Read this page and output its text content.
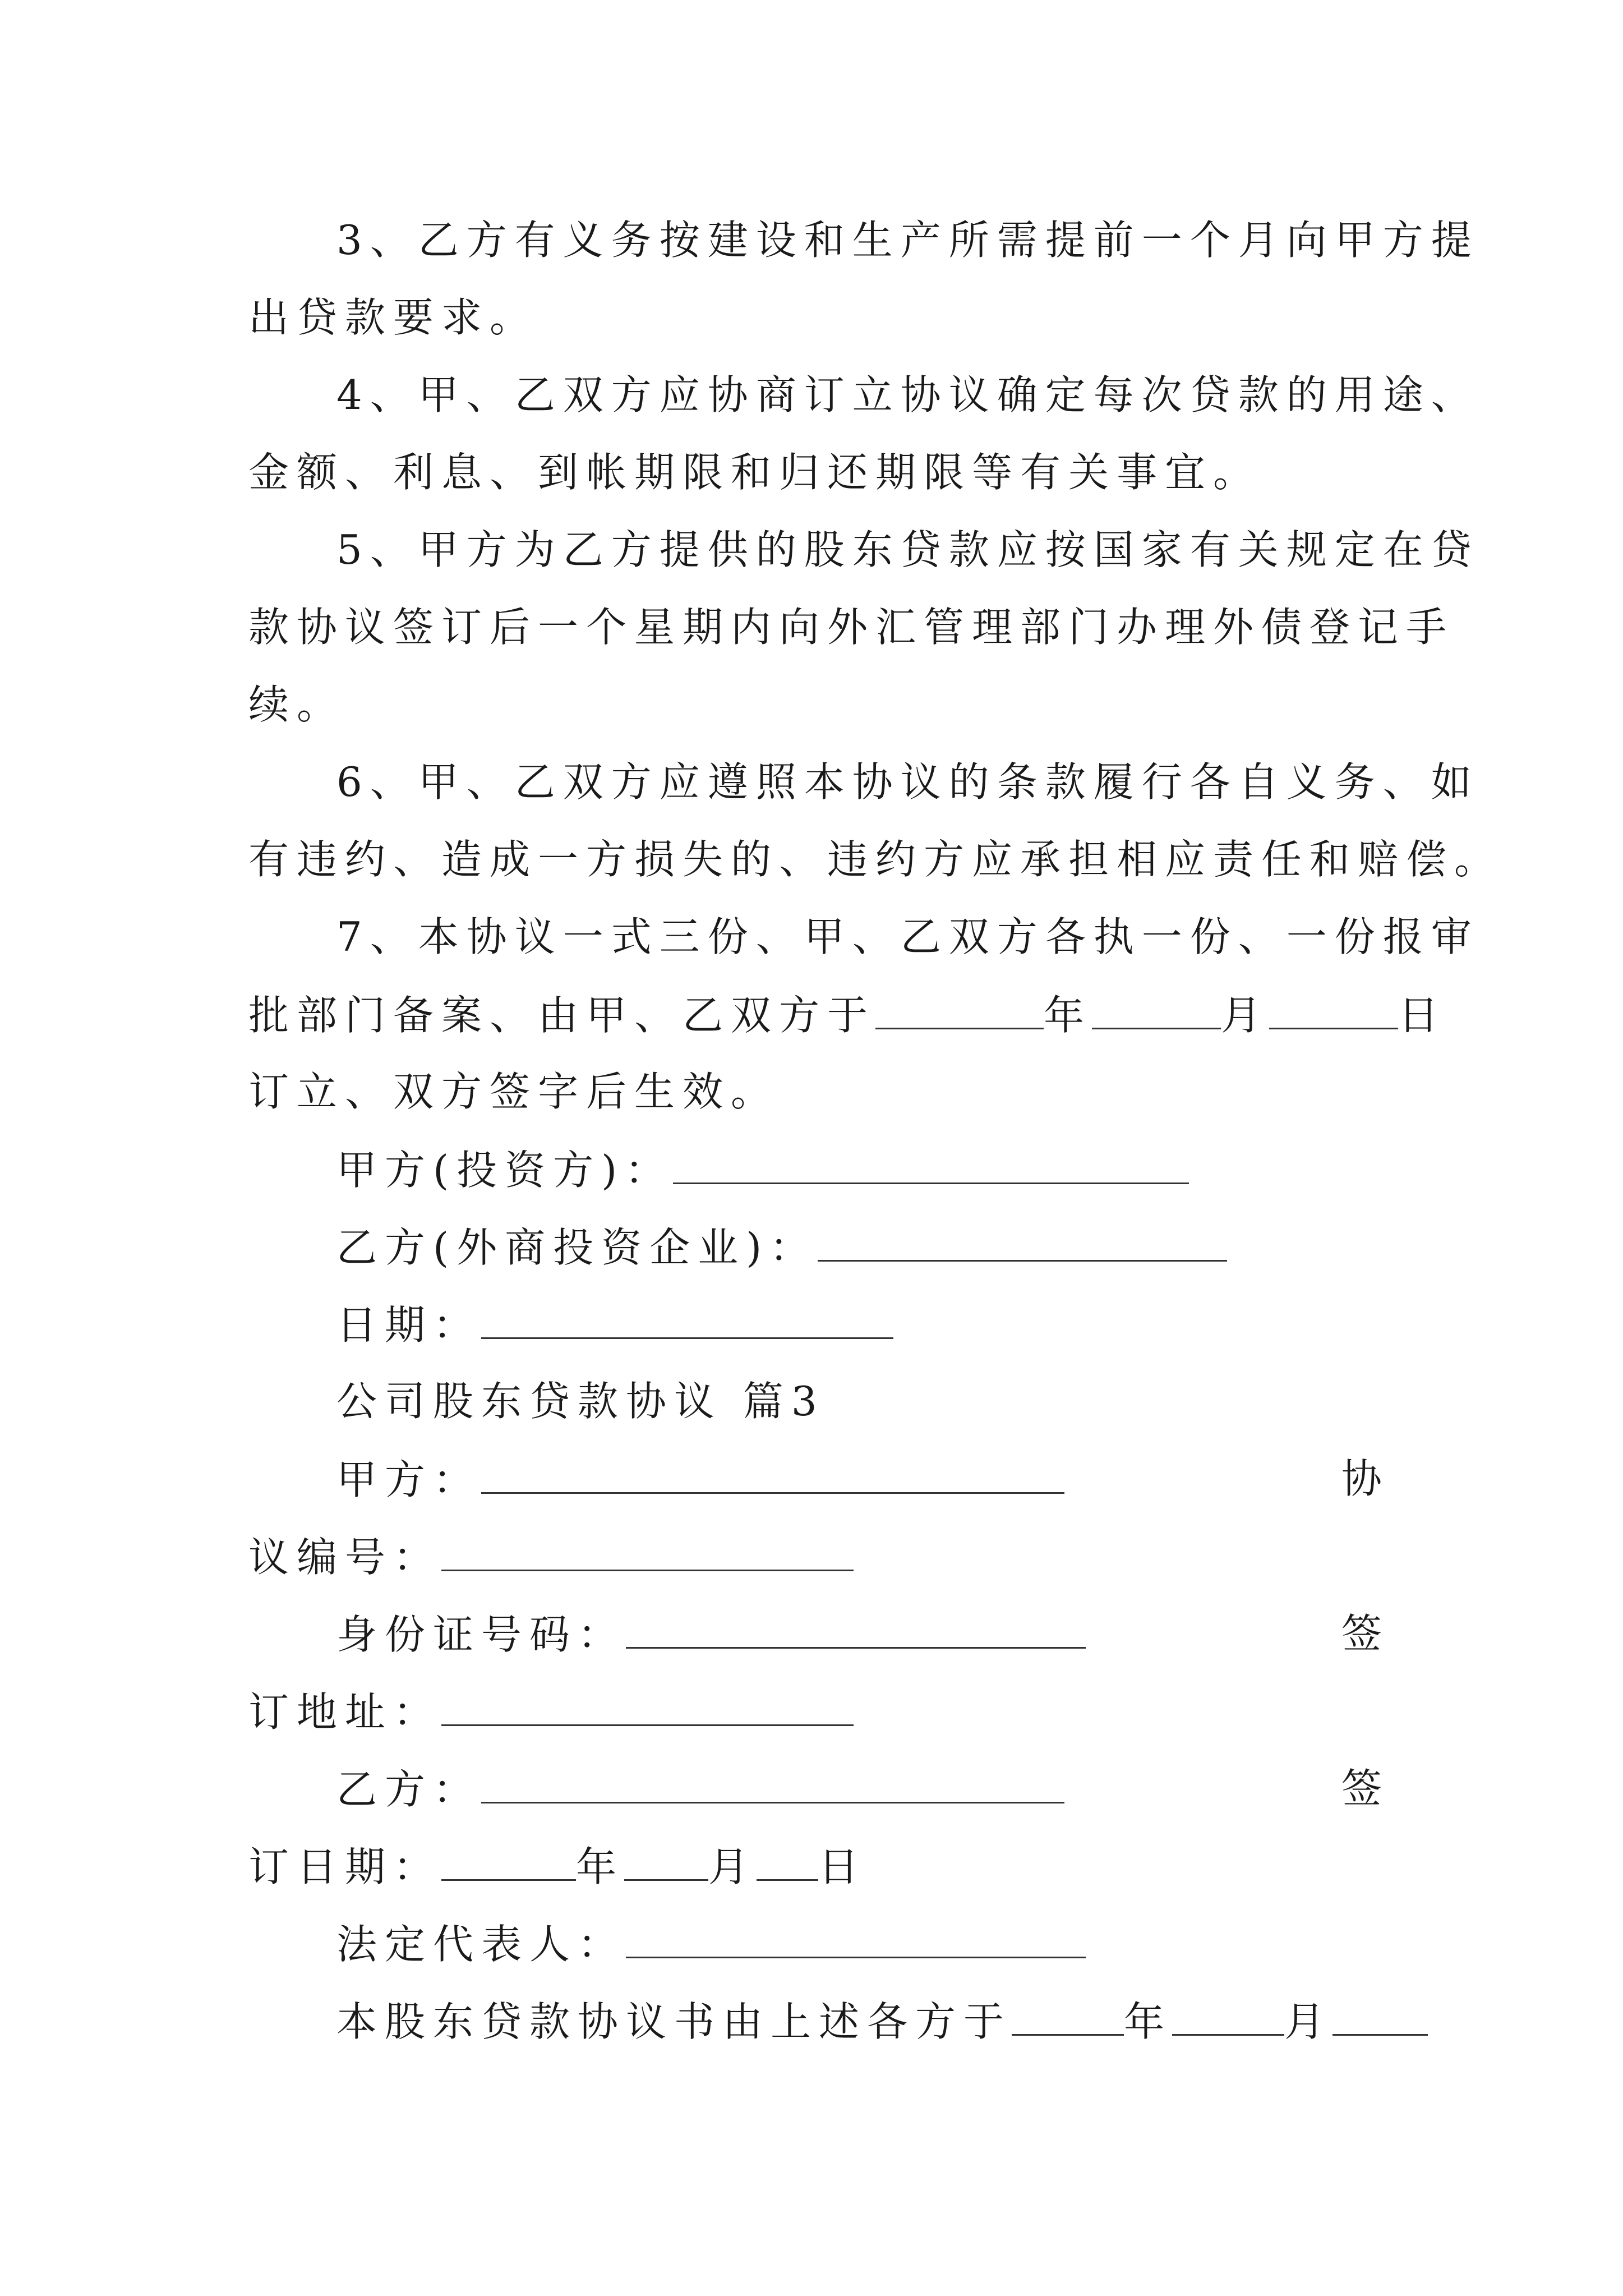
3、乙方有义务按建设和生产所需提前一个月向甲方提
出贷款要求。
4、甲、乙双方应协商订立协议确定每次贷款的用途、
金额、利息、到帐期限和归还期限等有关事宜。
5、甲方为乙方提供的股东贷款应按国家有关规定在贷
款协议签订后一个星期内向外汇管理部门办理外债登记手
续。
6、甲、乙双方应遵照本协议的条款履行各自义务、如
有违约、造成一方损失的、违约方应承担相应责任和赔偿。
7、本协议一式三份、甲、乙双方各执一份、一份报审
批部门备案、由甲、乙双方于	年	月	日
订立、双方签字后生效。
甲方(投资方)：
乙方(外商投资企业)：
日期：
公司股东贷款协议 篇3
甲方：	协
议编号：
身份证号码：	签
订地址：
乙方：	签
订日期：	年 月 日
法定代表人：
本股东贷款协议书由上述各方于	年	月
